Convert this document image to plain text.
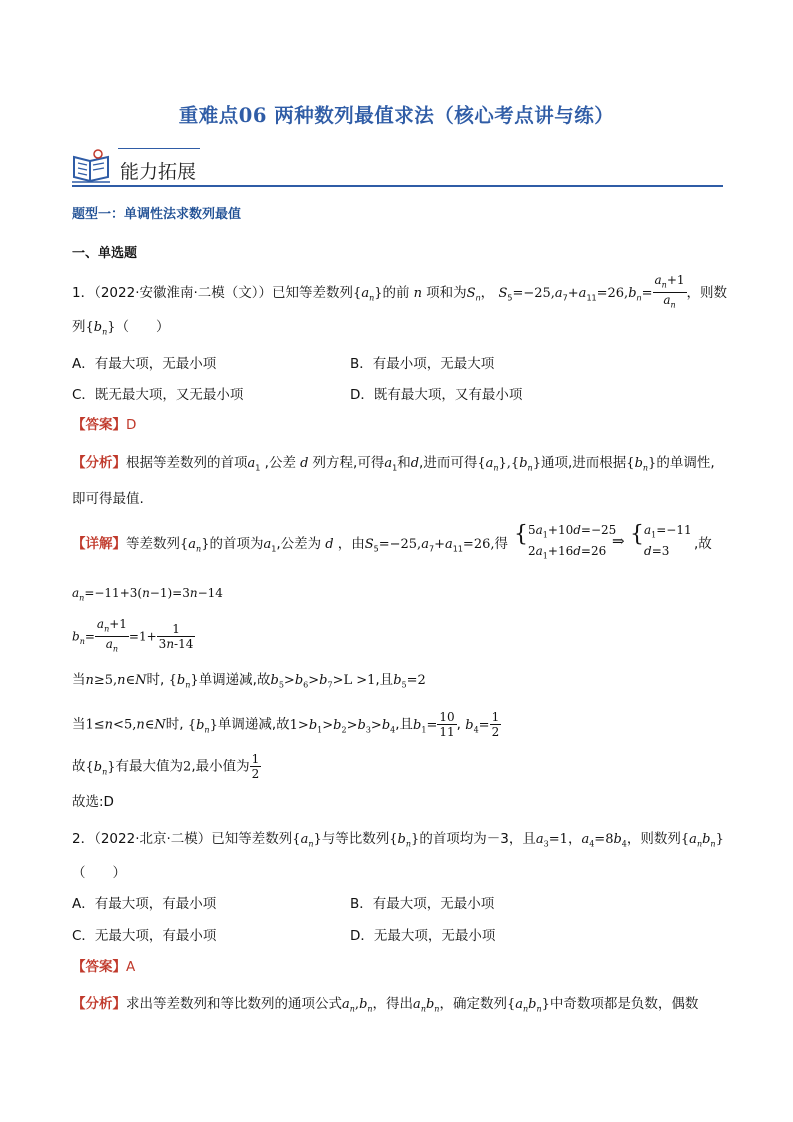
重难点06 两种数列最值求法（核心考点讲与练）
能力拓展
题型一：单调性法求数列最值
一、单选题
1．（2022·安徽淮南·二模（文））已知等差数列$\{a_n\}$的前 n 项和为$S_n$， $S_5=-25,a_7+a_{11}=26,b_n= \frac{a_n+1}{a_n}$ ，则数
列$\{b_n\}$（　　）
A．有最大项，无最小项	B．有最小项，无最大项
C．既无最大项，又无最小项	D．既有最大项，又有最小项
【答案】D
【分析】根据等差数列的首项$a_1$ ,公差 d 列方程,可得$a_1$和d,进而可得$\{a_n\},\{b_n\}$通项,进而根据$\{b_n\}$的单调性,
即可得最值.
【详解】等差数列$\{a_n\}$的首项为$a_1$,公差为 d ，由$S_5=-25,a_7+a_{11}=26$,得 {$5a_1+10d=-25$
$2a_1+16d=26$
⇒ {$a_1=-11$
d=3	,故
$a_n=-11+3(n-1)=3n-14$
$b_n= \frac{a_n+1}{a_n} =1+ \frac{1}{3n-14}$
当n≥5,n∈N时, $\{b_n\}$单调递减,故$b_5>b_6>b_7>L >1$,且$b_5=2$
当1≤n<5,n∈N时, $\{b_n\}$单调递减,故$1>b_1>b_2>b_3>b_4$,且$b_1= \frac{10}{11}$ , $b_4= \frac{1}{2}$
故$\{b_n\}$有最大值为2,最小值为 $\frac{1}{2}$
故选:D
2．（2022·北京·二模）已知等差数列$\{a_n\}$与等比数列$\{b_n\}$的首项均为－3，且$a_3=1$，$a_4=8b_4$，则数列$\{a_nb_n\}$
（　　）
A．有最大项，有最小项	B．有最大项，无最小项
C．无最大项，有最小项	D．无最大项，无最小项
【答案】A
【分析】求出等差数列和等比数列的通项公式$a_n,b_n$，得出$a_nb_n$，确定数列$\{a_nb_n\}$中奇数项都是负数，偶数
